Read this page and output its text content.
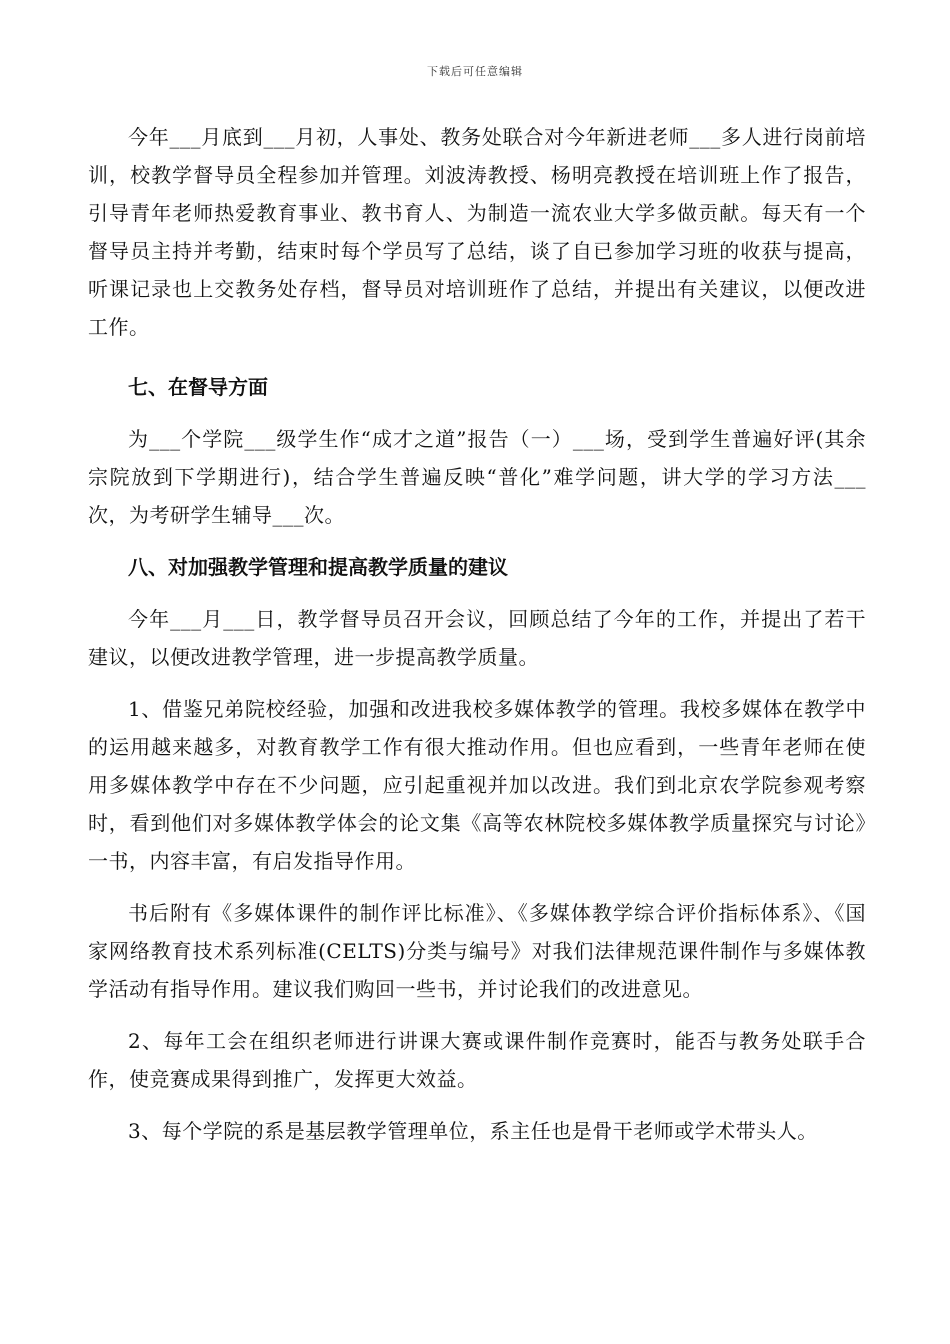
下载后可任意编辑

今年___月底到___月初，人事处、教务处联合对今年新进老师___多人进行岗前培训，校教学督导员全程参加并管理。刘波涛教授、杨明亮教授在培训班上作了报告，引导青年老师热爱教育事业、教书育人、为制造一流农业大学多做贡献。每天有一个督导员主持并考勤，结束时每个学员写了总结，谈了自已参加学习班的收获与提高，听课记录也上交教务处存档，督导员对培训班作了总结，并提出有关建议，以便改进工作。

七、在督导方面

为___个学院___级学生作“成才之道”报告（一）___场，受到学生普遍好评(其余宗院放到下学期进行)，结合学生普遍反映“普化”难学问题，讲大学的学习方法___次，为考研学生辅导___次。

八、对加强教学管理和提高教学质量的建议

今年___月___日，教学督导员召开会议，回顾总结了今年的工作，并提出了若干建议，以便改进教学管理，进一步提高教学质量。

1、借鉴兄弟院校经验，加强和改进我校多媒体教学的管理。我校多媒体在教学中的运用越来越多，对教育教学工作有很大推动作用。但也应看到，一些青年老师在使用多媒体教学中存在不少问题，应引起重视并加以改进。我们到北京农学院参观考察时，看到他们对多媒体教学体会的论文集《高等农林院校多媒体教学质量探究与讨论》一书，内容丰富，有启发指导作用。

书后附有《多媒体课件的制作评比标准》、《多媒体教学综合评价指标体系》、《国家网络教育技术系列标准(CELTS)分类与编号》对我们法律规范课件制作与多媒体教学活动有指导作用。建议我们购回一些书，并讨论我们的改进意见。

2、每年工会在组织老师进行讲课大赛或课件制作竞赛时，能否与教务处联手合作，使竞赛成果得到推广，发挥更大效益。

3、每个学院的系是基层教学管理单位，系主任也是骨干老师或学术带头人。
